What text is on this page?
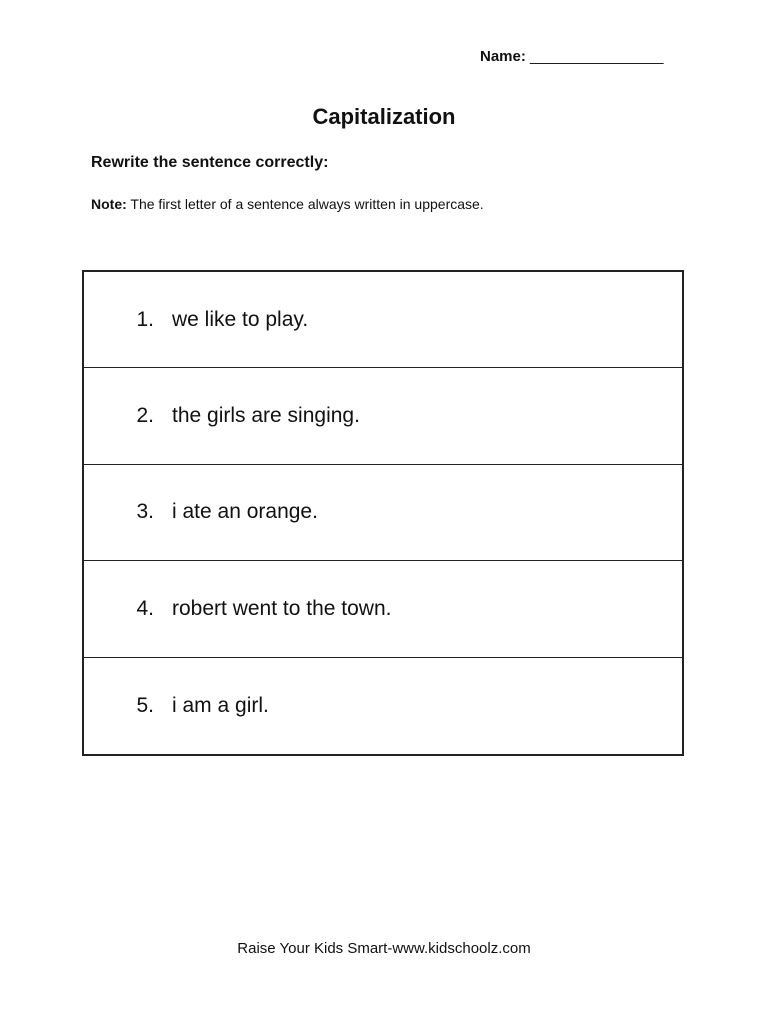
Name: ________________
Capitalization
Rewrite the sentence correctly:
Note: The first letter of a sentence always written in uppercase.
1. we like to play.
2. the girls are singing.
3. i ate an orange.
4. robert went to the town.
5. i am a girl.
Raise Your Kids Smart-www.kidschoolz.com
